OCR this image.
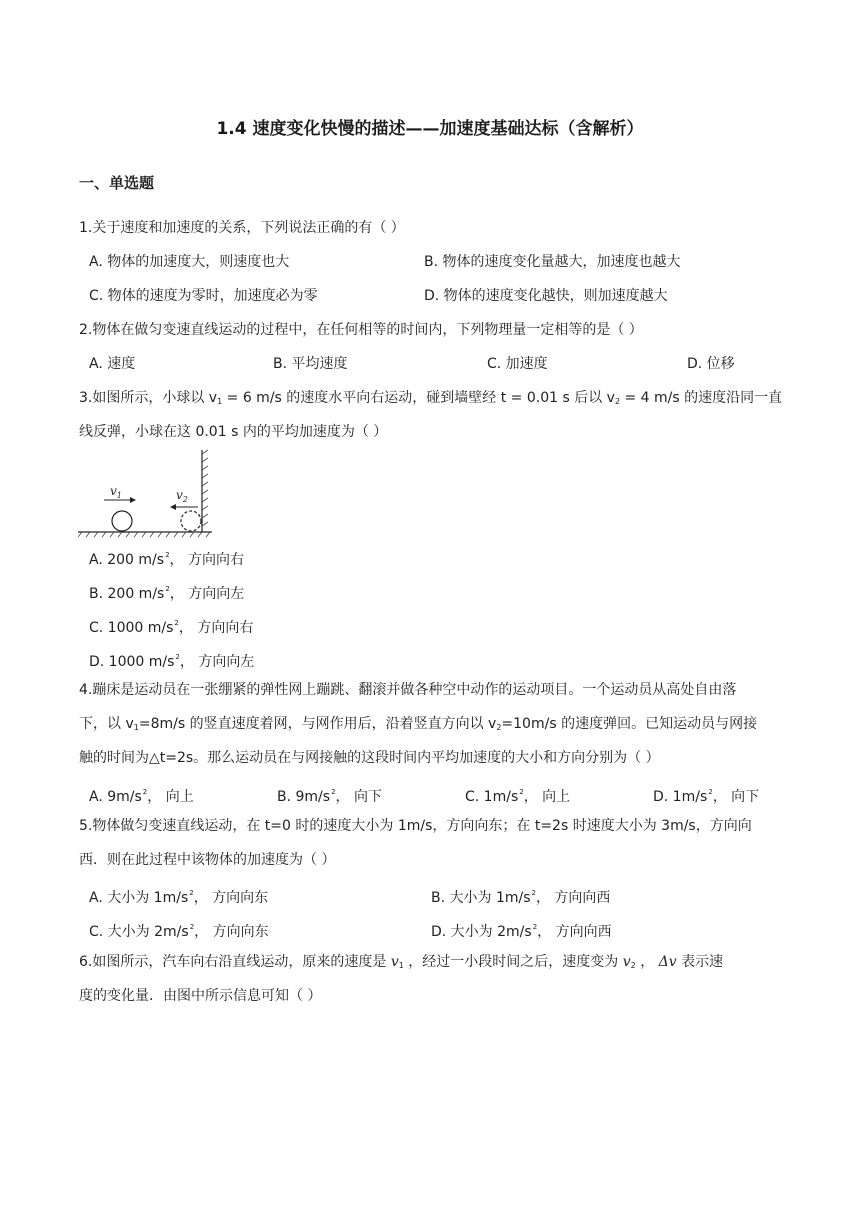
1.4 速度变化快慢的描述——加速度基础达标（含解析）
一、单选题
1.关于速度和加速度的关系，下列说法正确的有（ ）
A. 物体的加速度大，则速度也大	B. 物体的速度变化量越大，加速度也越大
C. 物体的速度为零时，加速度必为零	D. 物体的速度变化越快，则加速度越大
2.物体在做匀变速直线运动的过程中，在任何相等的时间内，下列物理量一定相等的是（ ）
A. 速度	B. 平均速度	C. 加速度	D. 位移
3.如图所示，小球以 $v_1 = 6$ m/s 的速度水平向右运动，碰到墙壁经 t = 0.01 s 后以 $v_2 = 4$ m/s 的速度沿同一直
线反弹，小球在这 0.01 s 内的平均加速度为（ ）
$v_1$	$v_2$
A. 200 $m/s^2$， 方向向右
B. 200 $m/s^2$， 方向向左
C. 1000 $m/s^2$， 方向向右
D. 1000 $m/s^2$， 方向向左
4.蹦床是运动员在一张绷紧的弹性网上蹦跳、翻滚并做各种空中动作的运动项目。一个运动员从高处自由落
下，以 $v_1=8m/s$ 的竖直速度着网，与网作用后，沿着竖直方向以 $v_2=10m/s$ 的速度弹回。已知运动员与网接
触的时间为△t=2s。那么运动员在与网接触的这段时间内平均加速度的大小和方向分别为（ ）
A. $9m/s^2$， 向上	B. $9m/s^2$， 向下	C. $1m/s^2$， 向上	D. $1m/s^2$， 向下
5.物体做匀变速直线运动，在 t=0 时的速度大小为 1m/s，方向向东；在 t=2s 时速度大小为 3m/s，方向向
西．则在此过程中该物体的加速度为（ ）
A. 大小为 $1m/s^2$， 方向向东	B. 大小为 $1m/s^2$， 方向向西
C. 大小为 $2m/s^2$， 方向向东	D. 大小为 $2m/s^2$， 方向向西
6.如图所示，汽车向右沿直线运动，原来的速度是 $v_1$ ，经过一小段时间之后，速度变为 $v_2$ ， Δv 表示速
度的变化量．由图中所示信息可知（ ）
